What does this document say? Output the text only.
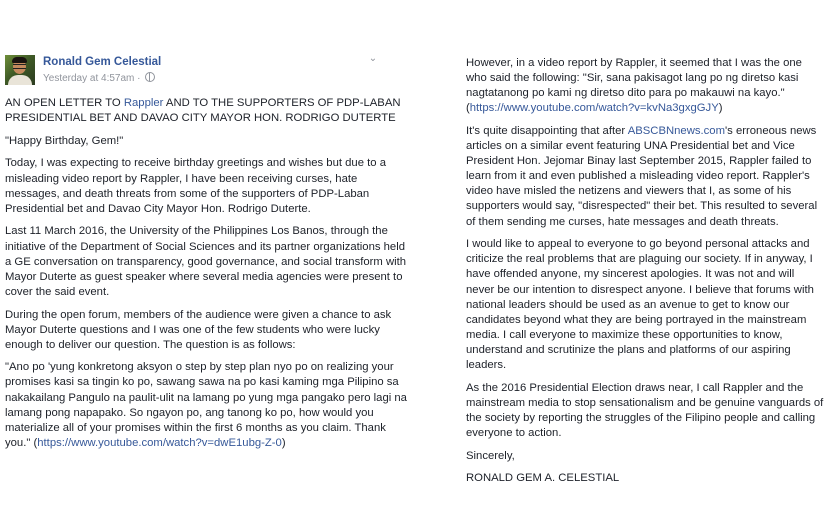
Ronald Gem Celestial
Yesterday at 4:57am ·
⌄

AN OPEN LETTER TO Rappler AND TO THE SUPPORTERS OF PDP-LABAN PRESIDENTIAL BET AND DAVAO CITY MAYOR HON. RODRIGO DUTERTE

"Happy Birthday, Gem!"

Today, I was expecting to receive birthday greetings and wishes but due to a misleading video report by Rappler, I have been receiving curses, hate messages, and death threats from some of the supporters of PDP-Laban Presidential bet and Davao City Mayor Hon. Rodrigo Duterte.

Last 11 March 2016, the University of the Philippines Los Banos, through the initiative of the Department of Social Sciences and its partner organizations held a GE conversation on transparency, good governance, and social transform with Mayor Duterte as guest speaker where several media agencies were present to cover the said event.

During the open forum, members of the audience were given a chance to ask Mayor Duterte questions and I was one of the few students who were lucky enough to deliver our question. The question is as follows:

"Ano po 'yung konkretong aksyon o step by step plan nyo po on realizing your promises kasi sa tingin ko po, sawang sawa na po kasi kaming mga Pilipino sa nakakailang Pangulo na paulit-ulit na lamang po yung mga pangako pero lagi na lamang pong napapako. So ngayon po, ang tanong ko po, how would you materialize all of your promises within the first 6 months as you claim. Thank you." (https://www.youtube.com/watch?v=dwE1ubg-Z-0)

However, in a video report by Rappler, it seemed that I was the one who said the following: "Sir, sana pakisagot lang po ng diretso kasi nagtatanong po kami ng diretso dito para po makauwi na kayo." (https://www.youtube.com/watch?v=kvNa3gxgGJY)

It's quite disappointing that after ABSCBNnews.com's erroneous news articles on a similar event featuring UNA Presidential bet and Vice President Hon. Jejomar Binay last September 2015, Rappler failed to learn from it and even published a misleading video report. Rappler's video have misled the netizens and viewers that I, as some of his supporters would say, "disrespected" their bet. This resulted to several of them sending me curses, hate messages and death threats.

I would like to appeal to everyone to go beyond personal attacks and criticize the real problems that are plaguing our society. If in anyway, I have offended anyone, my sincerest apologies. It was not and will never be our intention to disrespect anyone. I believe that forums with national leaders should be used as an avenue to get to know our candidates beyond what they are being portrayed in the mainstream media. I call everyone to maximize these opportunities to know, understand and scrutinize the plans and platforms of our aspiring leaders.

As the 2016 Presidential Election draws near, I call Rappler and the mainstream media to stop sensationalism and be genuine vanguards of the society by reporting the struggles of the Filipino people and calling everyone to action.

Sincerely,

RONALD GEM A. CELESTIAL
